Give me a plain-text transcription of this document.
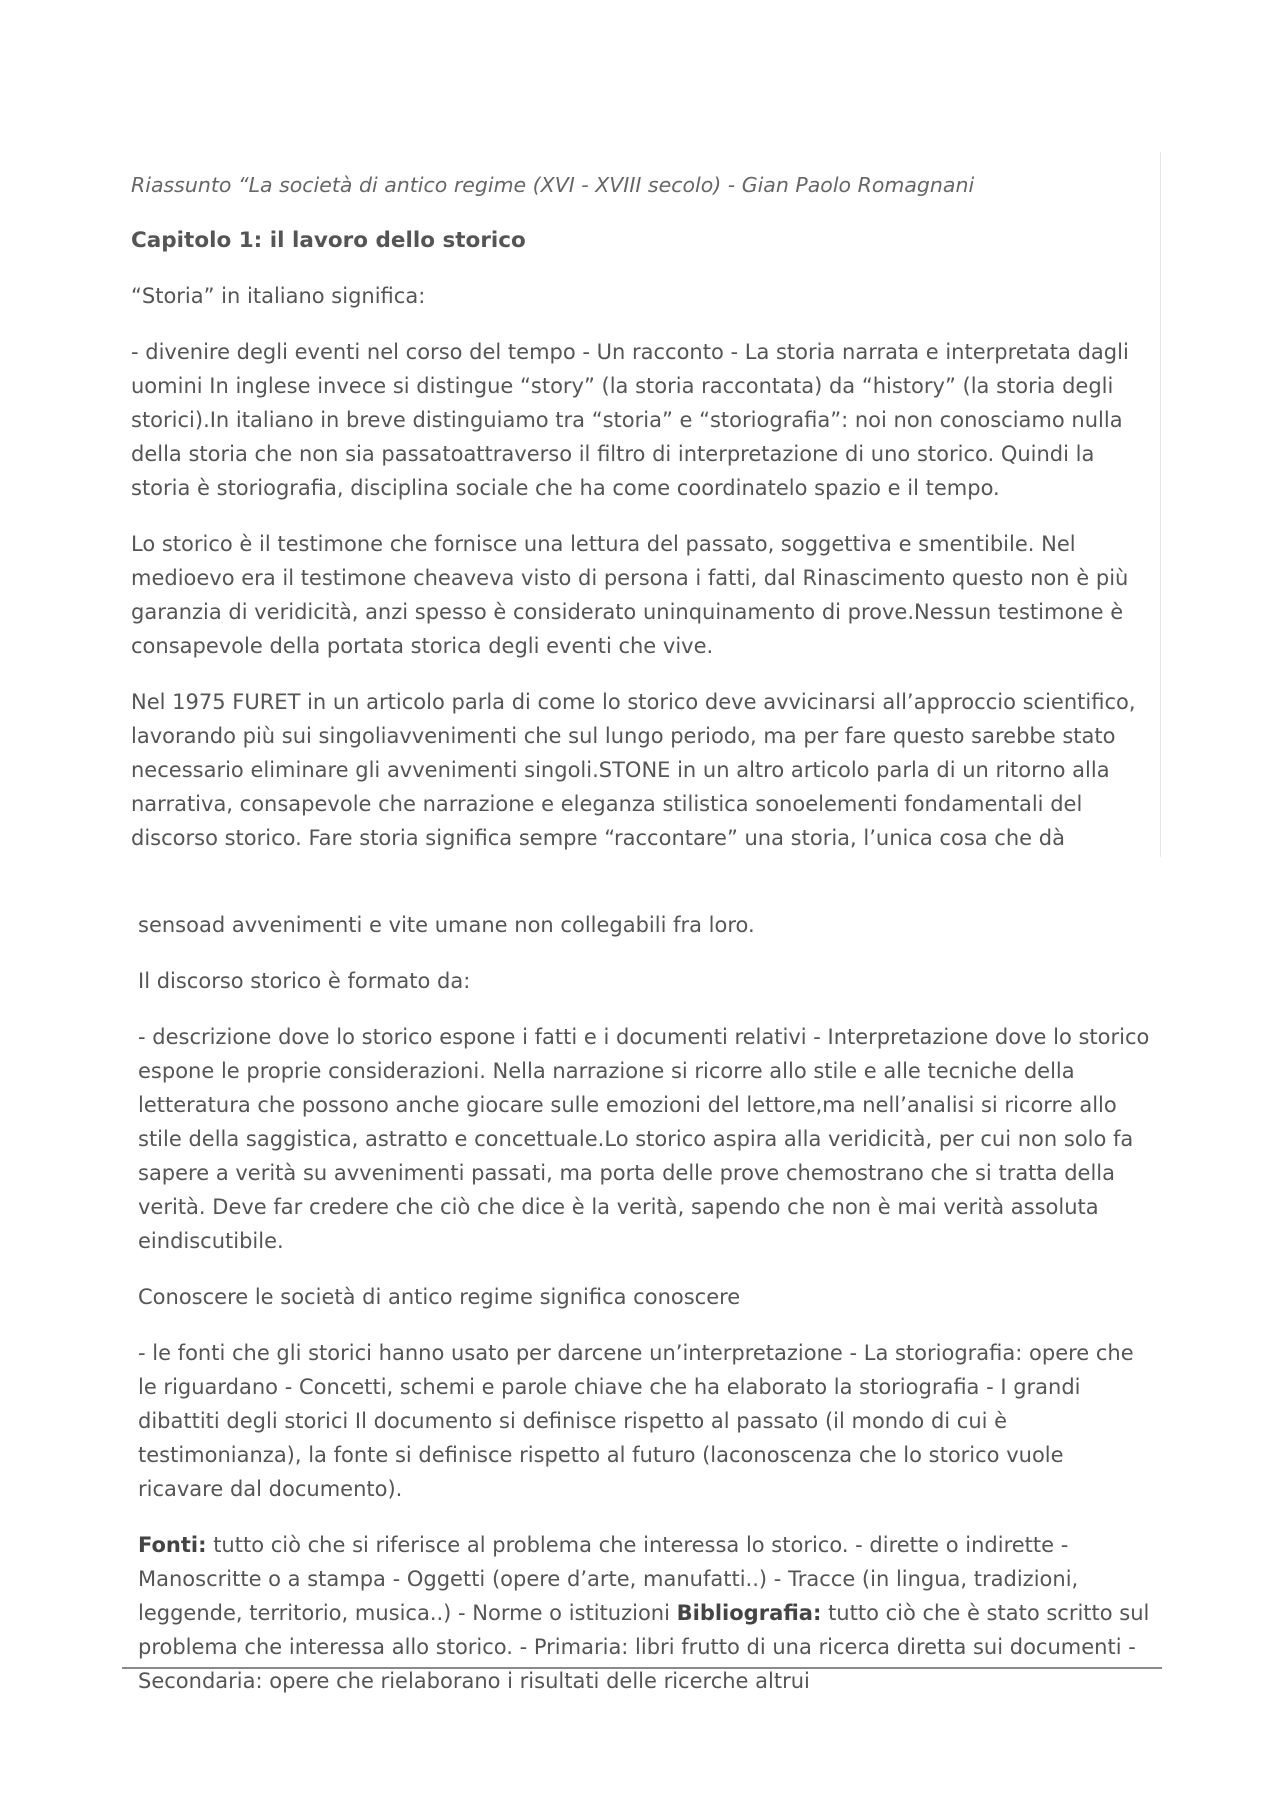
Riassunto “La società di antico regime (XVI - XVIII secolo) - Gian Paolo Romagnani
Capitolo 1: il lavoro dello storico

“Storia” in italiano significa:

- divenire degli eventi nel corso del tempo - Un racconto - La storia narrata e interpretata dagli uomini In inglese invece si distingue “story” (la storia raccontata) da “history” (la storia degli storici).In italiano in breve distinguiamo tra “storia” e “storiografia”: noi non conosciamo nulla della storia che non sia passatoattraverso il filtro di interpretazione di uno storico. Quindi la storia è storiografia, disciplina sociale che ha come coordinatelo spazio e il tempo.

Lo storico è il testimone che fornisce una lettura del passato, soggettiva e smentibile. Nel medioevo era il testimone cheaveva visto di persona i fatti, dal Rinascimento questo non è più garanzia di veridicità, anzi spesso è considerato uninquinamento di prove.Nessun testimone è consapevole della portata storica degli eventi che vive.

Nel 1975 FURET in un articolo parla di come lo storico deve avvicinarsi all’approccio scientifico, lavorando più sui singoliavvenimenti che sul lungo periodo, ma per fare questo sarebbe stato necessario eliminare gli avvenimenti singoli.STONE in un altro articolo parla di un ritorno alla narrativa, consapevole che narrazione e eleganza stilistica sonoelementi fondamentali del discorso storico. Fare storia significa sempre “raccontare” una storia, l’unica cosa che dà

sensoad avvenimenti e vite umane non collegabili fra loro.

Il discorso storico è formato da:

- descrizione dove lo storico espone i fatti e i documenti relativi - Interpretazione dove lo storico espone le proprie considerazioni. Nella narrazione si ricorre allo stile e alle tecniche della letteratura che possono anche giocare sulle emozioni del lettore,ma nell’analisi si ricorre allo stile della saggistica, astratto e concettuale.Lo storico aspira alla veridicità, per cui non solo fa sapere a verità su avvenimenti passati, ma porta delle prove chemostrano che si tratta della verità. Deve far credere che ciò che dice è la verità, sapendo che non è mai verità assoluta eindiscutibile.

Conoscere le società di antico regime significa conoscere

- le fonti che gli storici hanno usato per darcene un’interpretazione - La storiografia: opere che le riguardano - Concetti, schemi e parole chiave che ha elaborato la storiografia - I grandi dibattiti degli storici Il documento si definisce rispetto al passato (il mondo di cui è testimonianza), la fonte si definisce rispetto al futuro (laconoscenza che lo storico vuole ricavare dal documento).

Fonti: tutto ciò che si riferisce al problema che interessa lo storico. - dirette o indirette - Manoscritte o a stampa - Oggetti (opere d’arte, manufatti..) - Tracce (in lingua, tradizioni, leggende, territorio, musica..) - Norme o istituzioni Bibliografia: tutto ciò che è stato scritto sul problema che interessa allo storico. - Primaria: libri frutto di una ricerca diretta sui documenti - Secondaria: opere che rielaborano i risultati delle ricerche altrui
